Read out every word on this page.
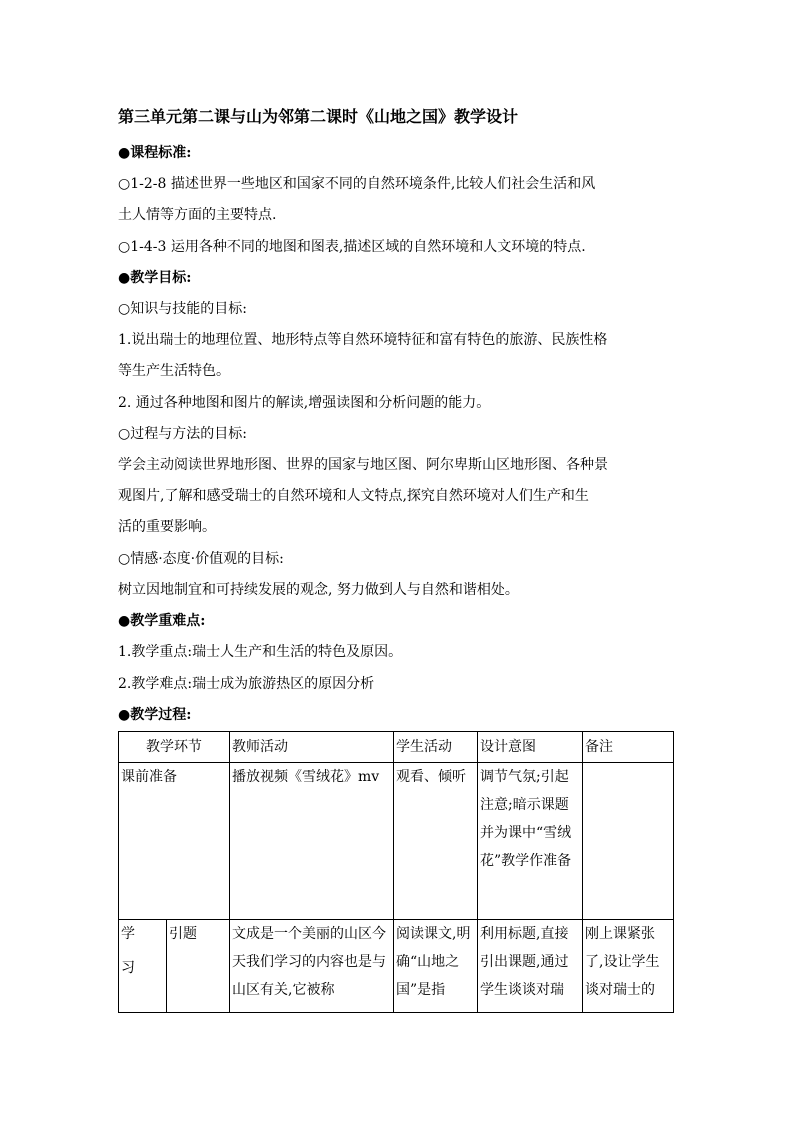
第三单元第二课与山为邻第二课时《山地之国》教学设计
●课程标准:
○1-2-8 描述世界一些地区和国家不同的自然环境条件,比较人们社会生活和风
土人情等方面的主要特点.
○1-4-3 运用各种不同的地图和图表,描述区域的自然环境和人文环境的特点.
●教学目标:
○知识与技能的目标:
1.说出瑞士的地理位置、地形特点等自然环境特征和富有特色的旅游、民族性格
等生产生活特色。
2. 通过各种地图和图片的解读,增强读图和分析问题的能力。
○过程与方法的目标:
学会主动阅读世界地形图、世界的国家与地区图、阿尔卑斯山区地形图、各种景
观图片,了解和感受瑞士的自然环境和人文特点,探究自然环境对人们生产和生
活的重要影响。
○情感·态度·价值观的目标:
树立因地制宜和可持续发展的观念, 努力做到人与自然和谐相处。
●教学重难点:
1.教学重点:瑞士人生产和生活的特色及原因。
2.教学难点:瑞士成为旅游热区的原因分析
●教学过程:
教学环节		教师活动	学生活动	设计意图	备注
课前准备		播放视频《雪绒花》mv	观看、倾听	调节气氛;引起注意;暗示课题并为课中“雪绒花”教学作准备	

学
习	引题	文成是一个美丽的山区今天我们学习的内容也是与山区有关,它被称	阅读课文,明确“山地之国”是指	利用标题,直接引出课题,通过学生谈谈对瑞	刚上课紧张了,设让学生谈对瑞士的
